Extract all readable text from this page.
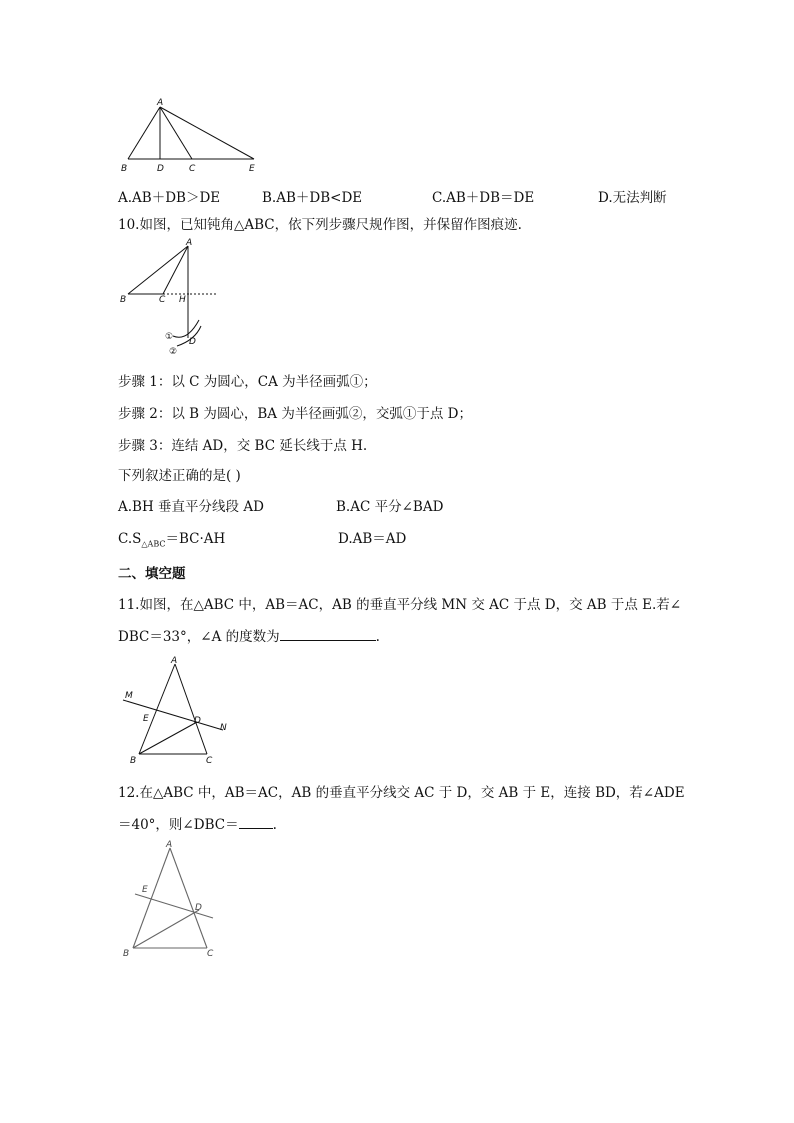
A
B	D	C	E
A.AB＋DB＞DE	B.AB＋DB<DE	C.AB＋DB＝DE	D.无法判断
10.如图，已知钝角△ABC，依下列步骤尺规作图，并保留作图痕迹.
A
B	C H
①
②
D
步骤 1：以 C 为圆心，CA 为半径画弧①；
步骤 2：以 B 为圆心，BA 为半径画弧②，交弧①于点 D；
步骤 3：连结 AD，交 BC 延长线于点 H.
下列叙述正确的是( )
A.BH 垂直平分线段 AD	B.AC 平分∠BAD
$C.S_{\triangle ABC}=BC\cdot AH$	D.AB＝AD
二、填空题
11.如图，在△ABC 中，AB＝AC，AB 的垂直平分线 MN 交 AC 于点 D，交 AB 于点 E.若∠
DBC＝33°，∠A 的度数为	.
A
M
E	D
N
B	C
12.在△ABC 中，AB＝AC，AB 的垂直平分线交 AC 于 D，交 AB 于 E，连接 BD，若∠ADE
＝40°，则∠DBC＝	.
A
E
D
B	C
